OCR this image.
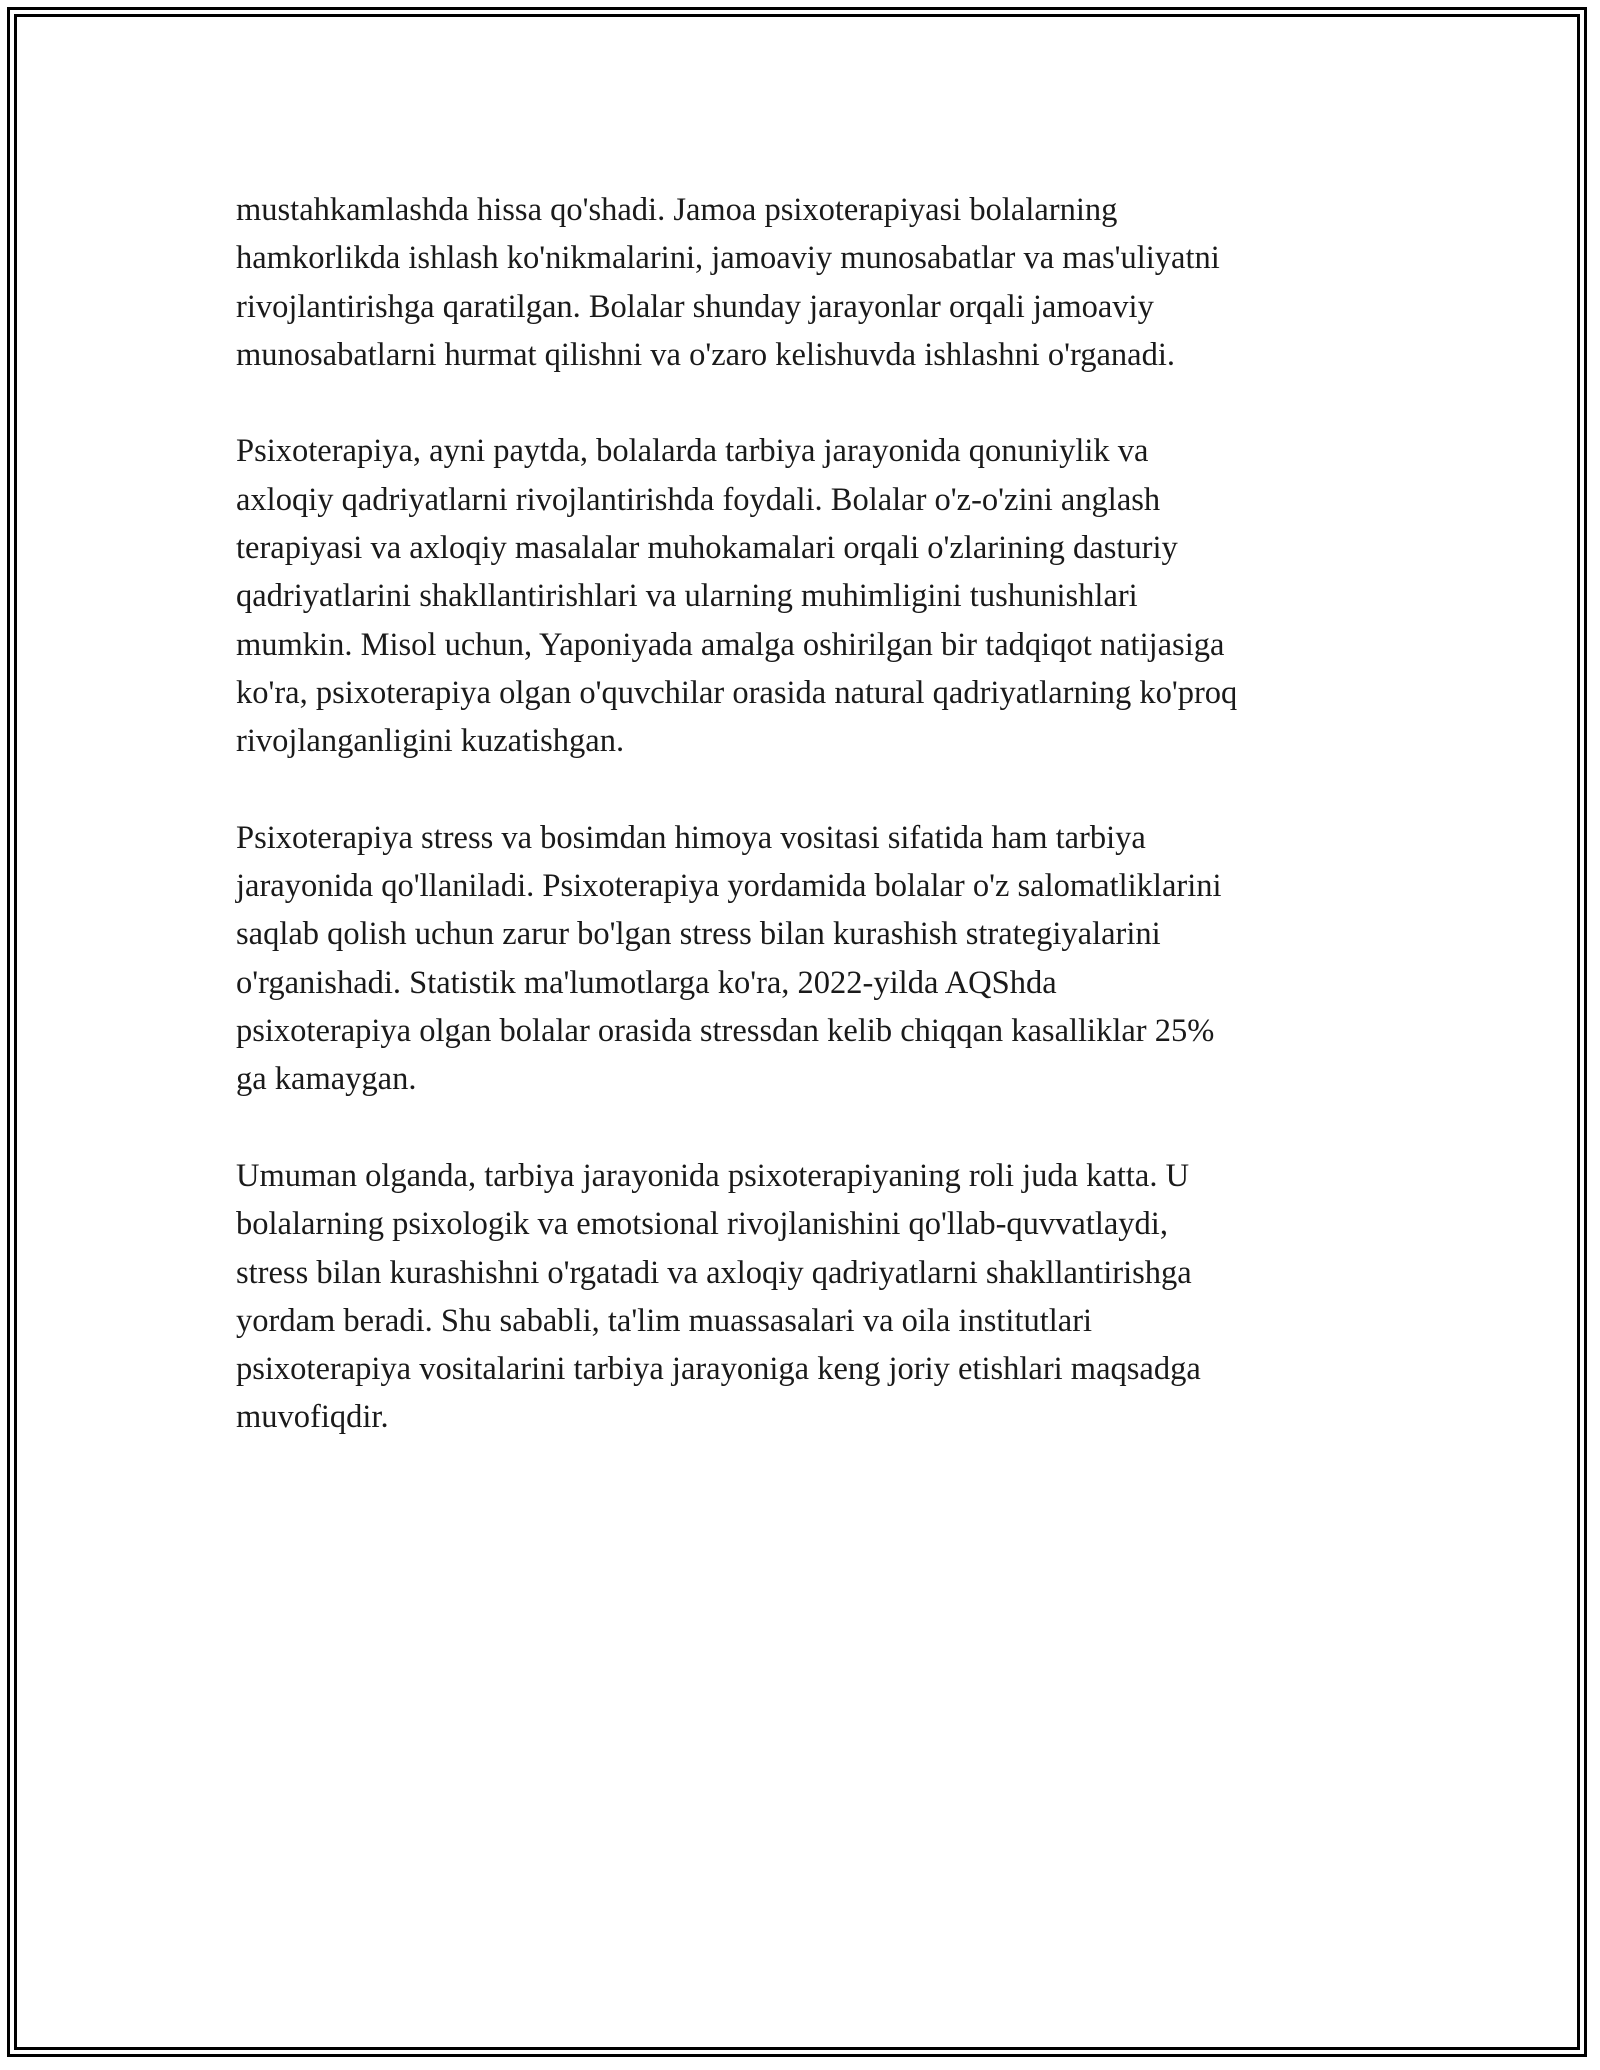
mustahkamlashda hissa qo'shadi. Jamoa psixoterapiyasi bolalarning
hamkorlikda ishlash ko'nikmalarini, jamoaviy munosabatlar va mas'uliyatni
rivojlantirishga qaratilgan. Bolalar shunday jarayonlar orqali jamoaviy
munosabatlarni hurmat qilishni va o'zaro kelishuvda ishlashni o'rganadi.

Psixoterapiya, ayni paytda, bolalarda tarbiya jarayonida qonuniylik va
axloqiy qadriyatlarni rivojlantirishda foydali. Bolalar o'z-o'zini anglash
terapiyasi va axloqiy masalalar muhokamalari orqali o'zlarining dasturiy
qadriyatlarini shakllantirishlari va ularning muhimligini tushunishlari
mumkin. Misol uchun, Yaponiyada amalga oshirilgan bir tadqiqot natijasiga
ko'ra, psixoterapiya olgan o'quvchilar orasida natural qadriyatlarning ko'proq
rivojlanganligini kuzatishgan.

Psixoterapiya stress va bosimdan himoya vositasi sifatida ham tarbiya
jarayonida qo'llaniladi. Psixoterapiya yordamida bolalar o'z salomatliklarini
saqlab qolish uchun zarur bo'lgan stress bilan kurashish strategiyalarini
o'rganishadi. Statistik ma'lumotlarga ko'ra, 2022-yilda AQShda
psixoterapiya olgan bolalar orasida stressdan kelib chiqqan kasalliklar 25%
ga kamaygan.

Umuman olganda, tarbiya jarayonida psixoterapiyaning roli juda katta. U
bolalarning psixologik va emotsional rivojlanishini qo'llab-quvvatlaydi,
stress bilan kurashishni o'rgatadi va axloqiy qadriyatlarni shakllantirishga
yordam beradi. Shu sababli, ta'lim muassasalari va oila institutlari
psixoterapiya vositalarini tarbiya jarayoniga keng joriy etishlari maqsadga
muvofiqdir.
